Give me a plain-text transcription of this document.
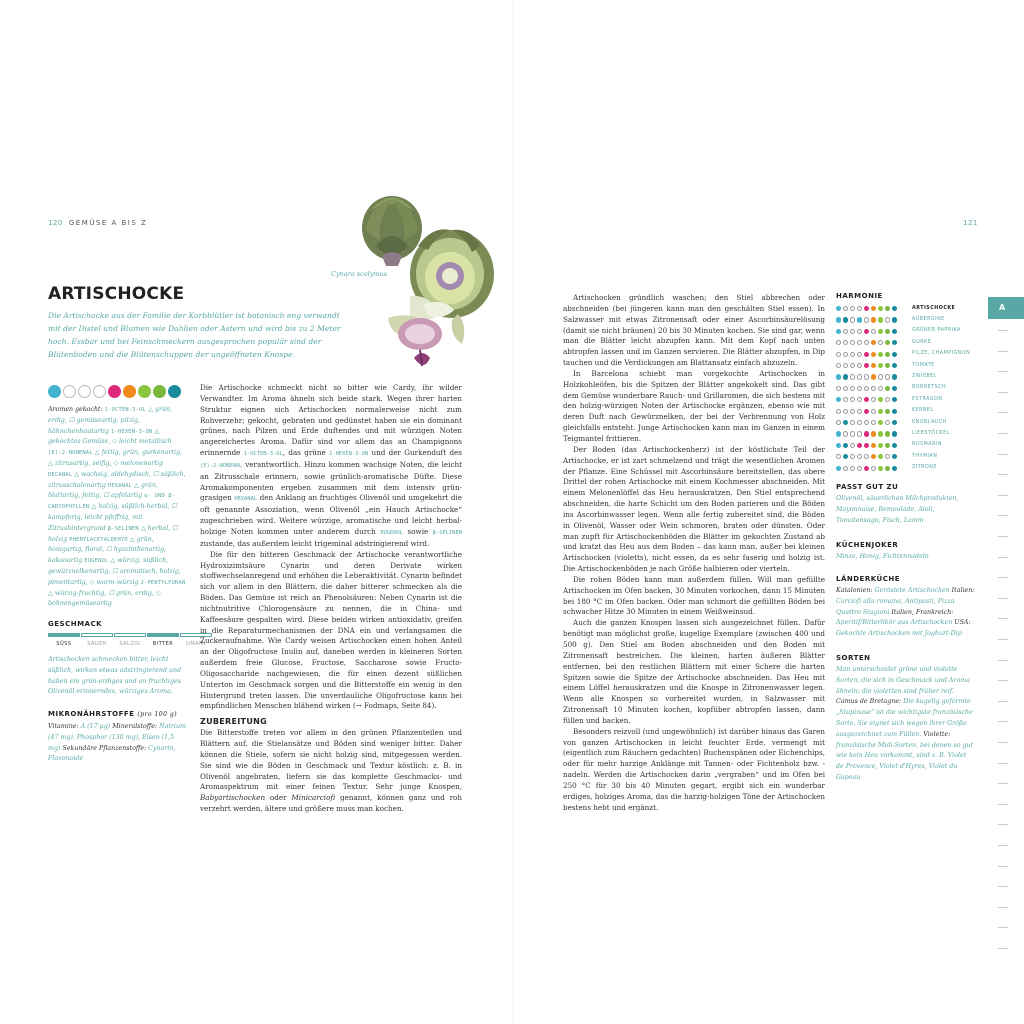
120 GEMÜSE A BIS Z	121
Cynara scolymus
ARTISCHOCKE
Die Artischocke aus der Familie der Korbblütler ist botanisch eng verwandt mit der Distel und Blumen wie Dahlien oder Astern und wird bis zu 2 Meter hoch. Essbar und bei Feinschmeckern ausgesprochen populär sind der Blütenboden und die Blütenschuppen der ungeöffneten Knospe.
Aromen gekocht: 1-OCTEN-3-OL △ grün, erdig, ☐ gemüseartig, pilzig, hähnchenhautartig 1-HEXEN-3-ON △ gekochtes Gemüse, ◇ leicht metallisch (E)-2-NONENAL △ fettig, grün, gurkenartig, △ zitrusartig, seifig, ◇ melonenartig DECANAL △ wachsig, aldehydisch, ☐ süßlich, zitrusschalenartig HEXANAL △ grün, blattartig, fettig, ☐ apfelartig α- UND β-CARYOPHYLLEN △ holzig, süßlich-herbal, ☐ kampferig, leicht pfeffrig, mit Zitrushintergrund β-SELINEN △ herbal, ☐ holzig PHENYLACETALDEHYD △ grün, honigartig, floral, ☐ hyazinthenartig, kakaoartig EUGENOL △ würzig, süßlich, gewürznelkenartig, ☐ aromatisch, holzig, pimentartig, ◇ warm-würzig 2-PENTYLFURAN △ würzig-fruchtig, ☐ grün, erdig, ◇ bohnengemüseartig
GESCHMACK
SÜSS	SAUER	SALZIG	BITTER	UMAMI
Artischocken schmecken bitter, leicht süßlich, wirken etwas adstringierend und haben ein grün-erdiges und an fruchtiges Olivenöl erinnerndes, würziges Aroma.
MIKRONÄHRSTOFFE (pro 100 g)
Vitamine: A (17 µg) Mineralstoffe: Natrium (47 mg), Phosphor (130 mg), Eisen (1,5 mg) Sekundäre Pflanzenstoffe: Cynarin, Flavonoide

Die Artischocke schmeckt nicht so bitter wie Cardy, ihr wilder Verwandter. Im Aroma ähneln sich beide stark. Wegen ihrer harten Struktur eignen sich Artischocken normalerweise nicht zum Rohverzehr; gekocht, gebraten und gedünstet haben sie ein dominant grünes, nach Pilzen und Erde duftendes und mit würzigen Noten angereichertes Aroma. Dafür sind vor allem das an Champignons erinnernde 1-OCTEN-3-OL, das grüne 1-HEXEN-3-ON und der Gurkenduft des (E)-2-NONENAL verantwortlich. Hinzu kommen wachsige Noten, die leicht an Zitrusschale erinnern, sowie grünlich-aromatische Düfte. Diese Aromakomponenten ergeben zusammen mit dem intensiv grün-grasigen HEXANAL den Anklang an fruchtiges Olivenöl und umgekehrt die oft genannte Assoziation, wenn Olivenöl „ein Hauch Artischocke“ zugeschrieben wird. Weitere würzige, aromatische und leicht herbal-holzige Noten kommen unter anderem durch EUGENOL sowie β-SELINEN zustande, das außerdem leicht trigeminal adstringierend wird.

Die für den bitteren Geschmack der Artischocke verantwortliche Hydroxizimtsäure Cynarin und deren Derivate wirken stoffwechselanregend und erhöhen die Leberaktivität. Cynarin befindet sich vor allem in den Blättern, die daher bitterer schmecken als die Böden. Das Gemüse ist reich an Phenolsäuren: Neben Cynarin ist die nichtnutritive Chlorogensäure zu nennen, die in China- und Kaffeesäure gespalten wird. Diese beiden wirken antioxidativ, greifen in die Reparaturmechanismen der DNA ein und verlangsamen die Zuckeraufnahme. Wie Cardy weisen Artischocken einen hohen Anteil an der Oligofructose Inulin auf, daneben werden in kleineren Sorten außerdem freie Glucose, Fructose, Saccharose sowie Fructo-Oligosaccharide nachgewiesen, die für einen dezent süßlichen Unterton im Geschmack sorgen und die Bitterstoffe ein wenig in den Hintergrund treten lassen. Die unverdauliche Oligofructose kann bei empfindlichen Menschen blähend wirken (→ Fodmaps, Seite 84).

ZUBEREITUNG

Die Bitterstoffe treten vor allem in den grünen Pflanzenteilen und Blättern auf, die Stielansätze und Böden sind weniger bitter. Daher können die Stiele, sofern sie nicht holzig sind, mitgegessen werden. Sie sind wie die Böden in Geschmack und Textur köstlich: z. B. in Olivenöl angebraten, liefern sie das komplette Geschmacks- und Aromaspektrum mit einer feinen Textur. Sehr junge Knospen, Babyartischocken oder Minicarciofi genannt, können ganz und roh verzehrt werden, ältere und größere muss man kochen.

Artischocken gründlich waschen; den Stiel abbrechen oder abschneiden (bei jüngeren kann man den geschälten Stiel essen). In Salzwasser mit etwas Zitronensaft oder einer Ascorbinsäurelösung (damit sie nicht bräunen) 20 bis 30 Minuten kochen. Sie sind gar, wenn man die Blätter leicht abzupfen kann. Mit dem Kopf nach unten abtropfen lassen und im Ganzen servieren. Die Blätter abzupfen, in Dip tauchen und die Verdickungen am Blattansatz einfach abzuzeln.

In Barcelona schiebt man vorgekochte Artischocken in Holzkohleöfen, bis die Spitzen der Blätter angekokelt sind. Das gibt dem Gemüse wunderbare Rauch- und Grillaromen, die sich bestens mit den holzig-würzigen Noten der Artischocke ergänzen, ebenso wie mit deren Duft nach Gewürznelken, der bei der Verbrennung von Holz gleichfalls entsteht. Junge Artischocken kann man im Ganzen in einem Teigmantel frittieren.

Der Boden (das Artischockenherz) ist der köstlichste Teil der Artischocke, er ist zart schmelzend und trägt die wesentlichen Aromen der Pflanze. Eine Schüssel mit Ascorbinsäure bereitstellen, das obere Drittel der rohen Artischocke mit einem Kochmesser abschneiden. Mit einem Melonenlöffel das Heu herauskratzen. Den Stiel entsprechend abschneiden, die harte Schicht um den Boden parieren und die Böden ins Ascorbinwasser legen. Wenn alle fertig zubereitet sind, die Böden in Olivenöl, Wasser oder Wein schmoren, braten oder dünsten. Oder man zupft für Artischockenböden die Blätter im gekochten Zustand ab und kratzt das Heu aus dem Boden – das kann man, außer bei kleinen Artischocken (violetts), nicht essen, da es sehr faserig und holzig ist. Die Artischockenböden je nach Größe halbieren oder vierteln.

Die rohen Böden kann man außerdem füllen. Will man gefüllte Artischocken im Ofen backen, 30 Minuten vorkochen, dann 15 Minuten bei 180 °C im Ofen backen. Oder man schmort die gefüllten Böden bei schwacher Hitze 30 Minuten in einem Weißweinsud.

Auch die ganzen Knospen lassen sich ausgezeichnet füllen. Dafür benötigt man möglichst große, kugelige Exemplare (zwischen 400 und 500 g). Den Stiel am Boden abschneiden und den Boden mit Zitronensaft bestreichen. Die kleinen, harten äußeren Blätter entfernen, bei den restlichen Blättern mit einer Schere die harten Spitzen sowie die Spitze der Artischocke abschneiden. Das Heu mit einem Löffel herauskratzen und die Knospe in Zitronenwasser legen. Wenn alle Knospen so vorbereitet wurden, in Salzwasser mit Zitronensaft 10 Minuten kochen, kopfüber abtropfen lassen, dann füllen und backen.

Besonders reizvoll (und ungewöhnlich) ist darüber hinaus das Garen von ganzen Artischocken in leicht feuchter Erde, vermengt mit (eigentlich zum Räuchern gedachten) Buchenspänen oder Eichenchips, oder für mehr harzige Anklänge mit Tannen- oder Fichtenholz bzw. -nadeln. Werden die Artischocken darin „vergraben“ und im Ofen bei 250 °C für 30 bis 40 Minuten gegart, ergibt sich ein wunderbar erdiges, holziges Aroma, das die harzig-holzigen Töne der Artischocken bestens hebt und ergänzt.

HARMONIE
ARTISCHOCKE
AUBERGINE
GRÜNER PAPRIKA
GURKE
PILZE, CHAMPIGNON
TOMATE
ZWIEBEL
BORRETSCH
ESTRAGON
KERBEL
KNOBLAUCH
LIEBSTÖCKEL
ROSMARIN
THYMIAN
ZITRONE
PASST GUT ZU
Olivenöl, säuerlichen Milchprodukten, Mayonnaise, Remoulade, Aioli, Tomatensugo, Fisch, Lamm
KÜCHENJOKER
Minze, Honig, Fichtennadeln
LÄNDERKÜCHE
Katalonien: Geröstete Artischocken Italien: Carciofi alla romana, Antipasti, Pizza Quattro Stagioni Italien, Frankreich: Aperitif/Bitterlikör aus Artischocken USA: Gekochte Artischocken mit Joghurt-Dip
SORTEN
Man unterscheidet grüne und violette Sorten, die sich in Geschmack und Aroma ähneln; die violetten sind früher reif. Camus de Bretagne: Die kugelig geformte „Stupinase“ ist die wichtigste französische Sorte. Sie eignet sich wegen ihrer Größe ausgezeichnet zum Füllen. Violette: französische Midi-Sorten, bei denen so gut wie kein Heu vorkommt, sind z. B. Violet de Provence, Violet d'Hyres, Violet du Gapeau
A
